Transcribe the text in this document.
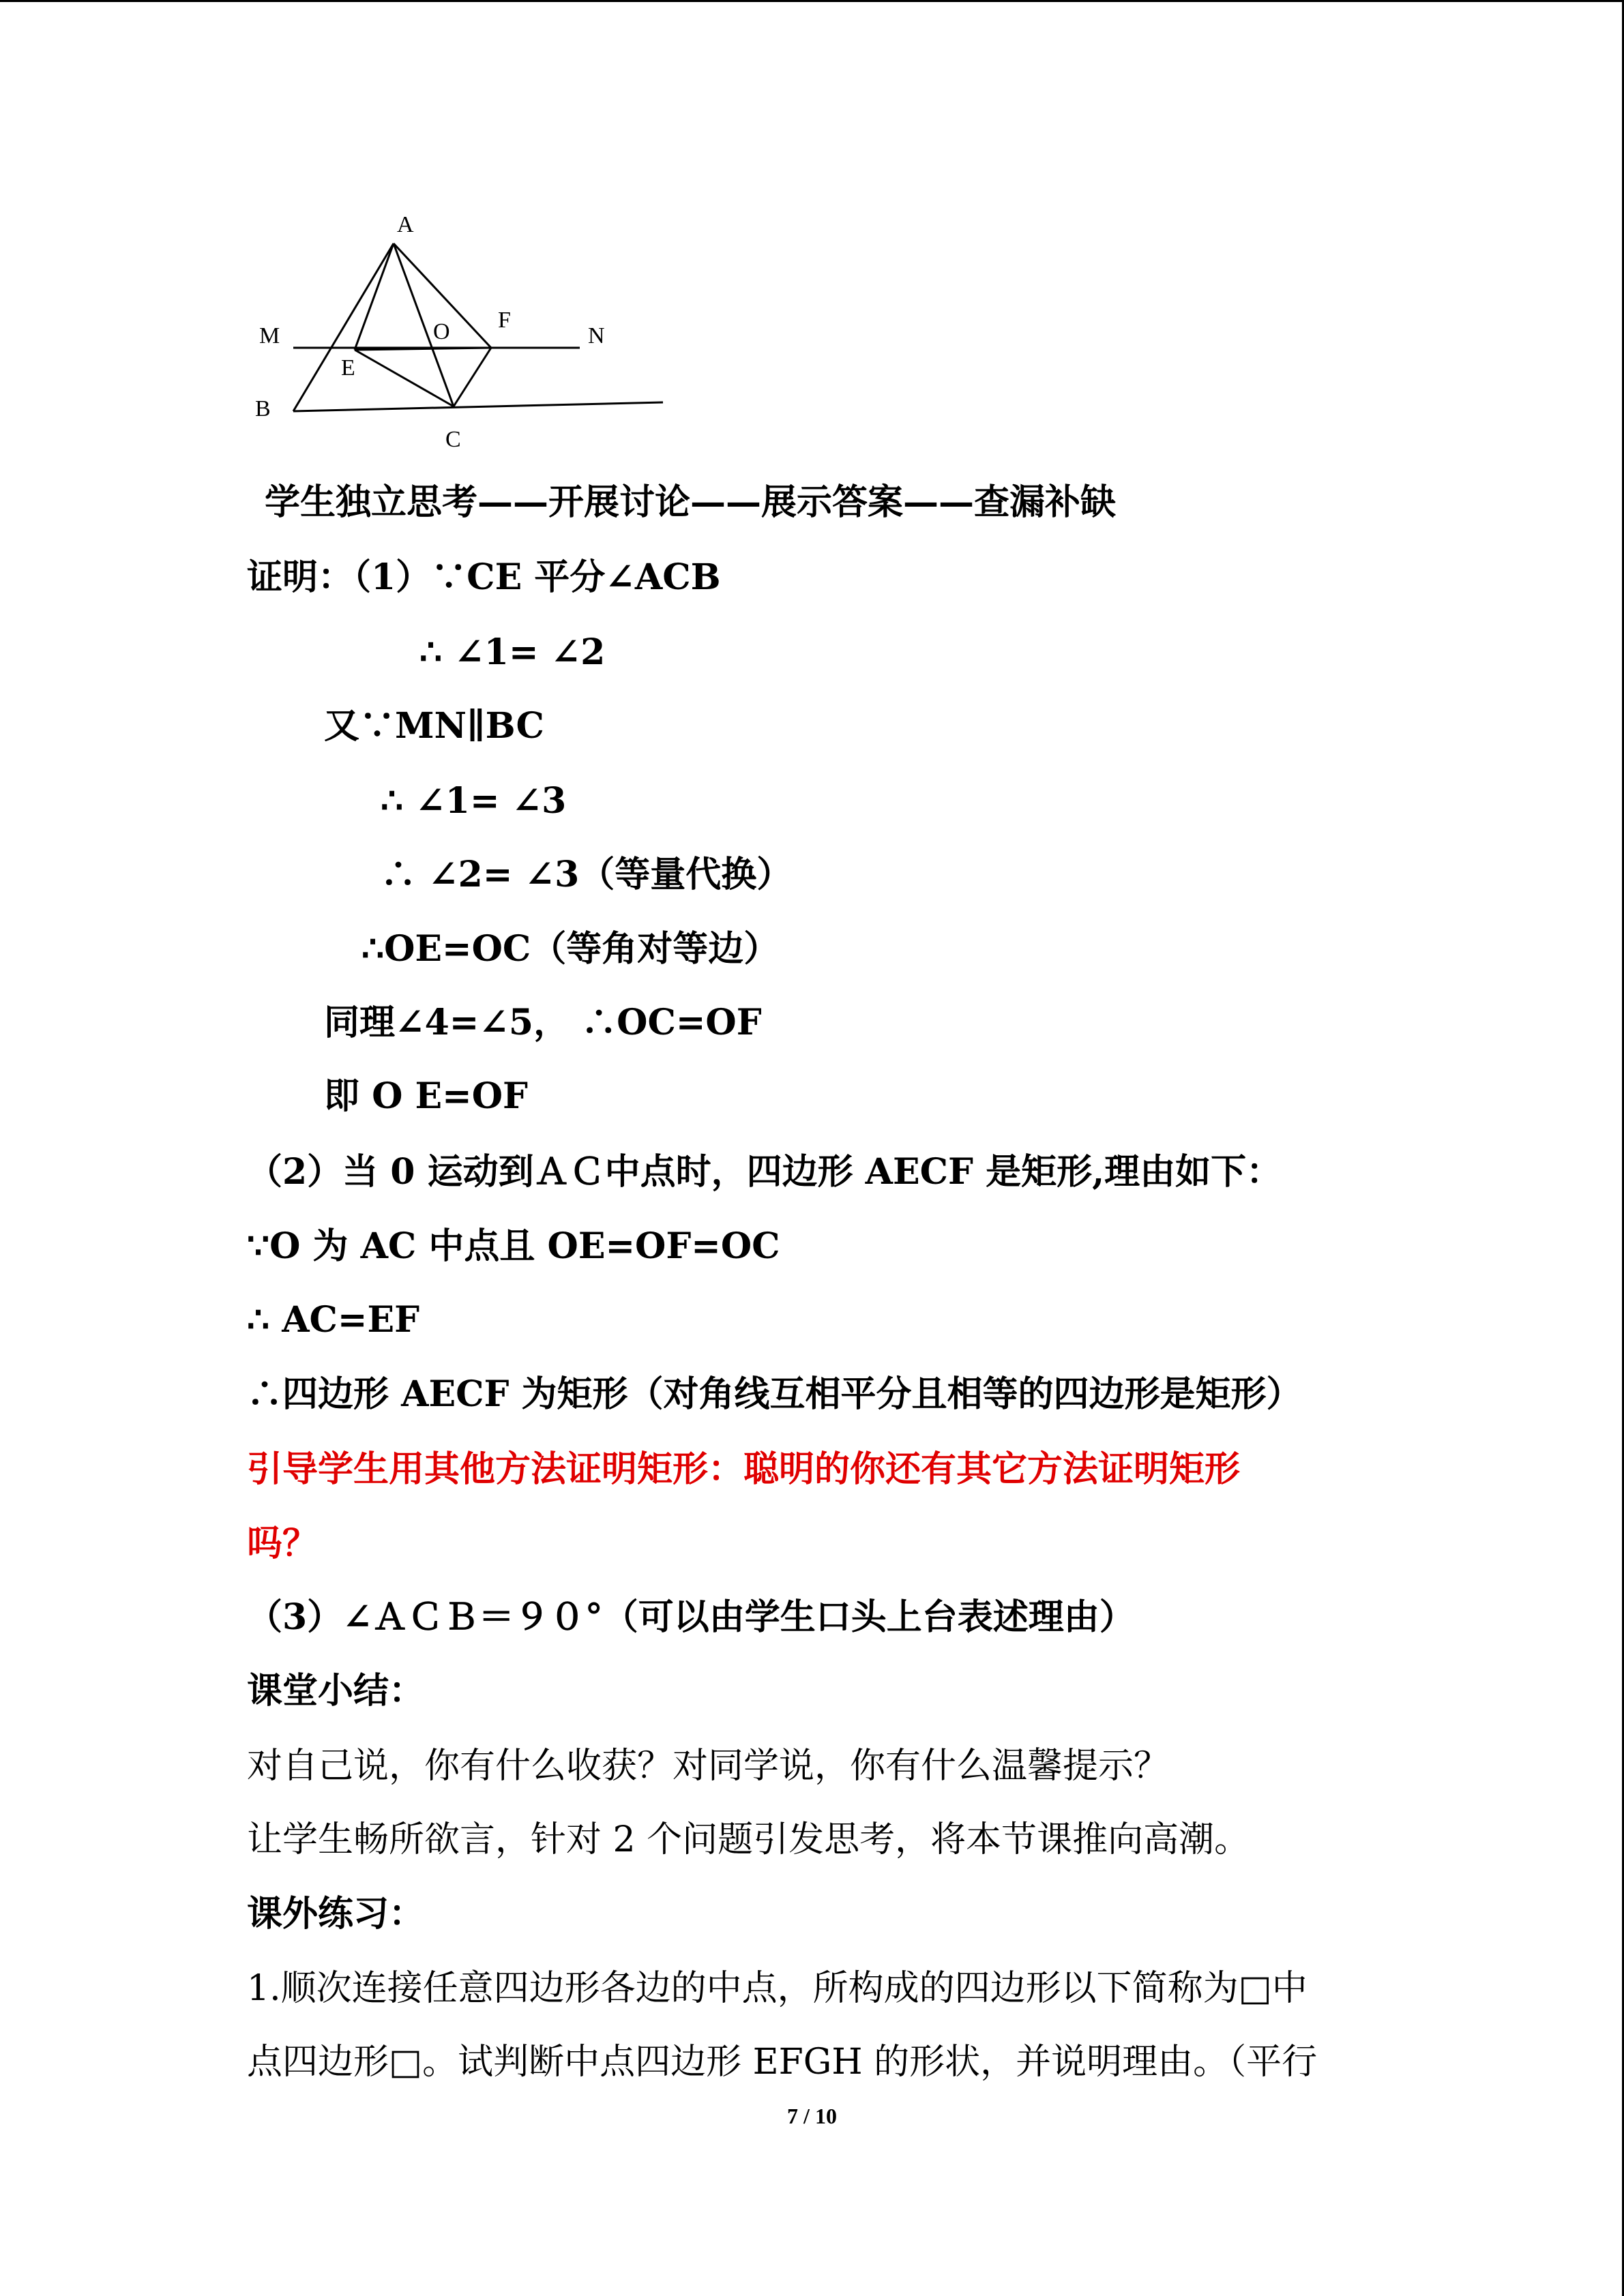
A
M
E
O F
N
B
C
学生独立思考——开展讨论——展示答案——查漏补缺
证明：（1）∵CE 平分∠ACB
∴ ∠1= ∠2
又∵MN∥BC
∴ ∠1= ∠3
∴ ∠2= ∠3（等量代换）
∴OE=OC（等角对等边）
同理∠4=∠5， ∴OC=OF
即 O E=OF
（2）当 0 运动到ＡＣ中点时，四边形 AECF 是矩形,理由如下：
∵O 为 AC 中点且 OE=OF=OC
∴ AC=EF
∴四边形 AECF 为矩形（对角线互相平分且相等的四边形是矩形）
引导学生用其他方法证明矩形：聪明的你还有其它方法证明矩形
吗？
（3）∠ＡＣＢ＝９０°（可以由学生口头上台表述理由）
课堂小结：
对自己说，你有什么收获？对同学说，你有什么温馨提示？
让学生畅所欲言，针对 2 个问题引发思考，将本节课推向高潮。
课外练习：
1.顺次连接任意四边形各边的中点，所构成的四边形以下简称为□中
点四边形□。试判断中点四边形 EFGH 的形状，并说明理由。（平行
7 / 10
